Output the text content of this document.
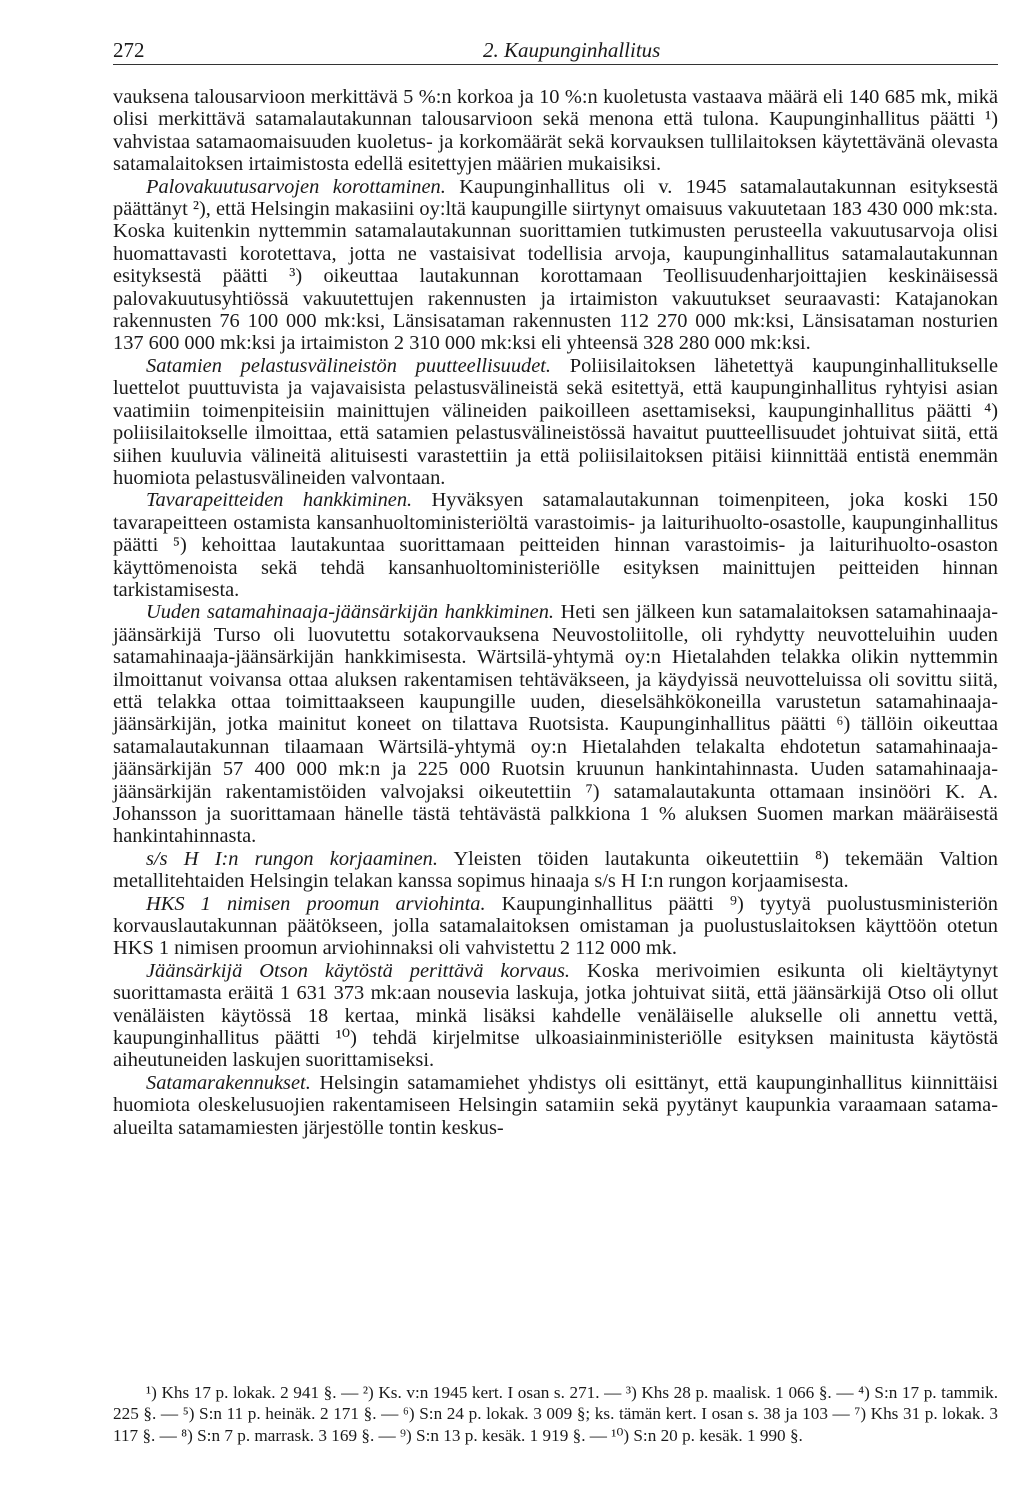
272	2. Kaupunginhallitus

vauksena talousarvioon merkittävä 5 %:n korkoa ja 10 %:n kuoletusta vastaava määrä eli 140 685 mk, mikä olisi merkittävä satamalautakunnan talousarvioon sekä menona että tulona. Kaupunginhallitus päätti ¹) vahvistaa satamaomaisuuden kuoletus- ja korkomäärät sekä korvauksen tullilaitoksen käytettävänä olevasta satamalaitoksen irtaimistosta edellä esitettyjen määrien mukaisiksi.

Palovakuutusarvojen korottaminen. Kaupunginhallitus oli v. 1945 satamalautakunnan esityksestä päättänyt ²), että Helsingin makasiini oy:ltä kaupungille siirtynyt omaisuus vakuutetaan 183 430 000 mk:sta. Koska kuitenkin nyttemmin satamalautakunnan suorittamien tutkimusten perusteella vakuutusarvoja olisi huomattavasti korotettava, jotta ne vastaisivat todellisia arvoja, kaupunginhallitus satamalautakunnan esityksestä päätti ³) oikeuttaa lautakunnan korottamaan Teollisuudenharjoittajien keskinäisessä palovakuutusyhtiössä vakuutettujen rakennusten ja irtaimiston vakuutukset seuraavasti: Katajanokan rakennusten 76 100 000 mk:ksi, Länsisataman rakennusten 112 270 000 mk:ksi, Länsisataman nosturien 137 600 000 mk:ksi ja irtaimiston 2 310 000 mk:ksi eli yhteensä 328 280 000 mk:ksi.

Satamien pelastusvälineistön puutteellisuudet. Poliisilaitoksen lähetettyä kaupunginhallitukselle luettelot puuttuvista ja vajavaisista pelastusvälineistä sekä esitettyä, että kaupunginhallitus ryhtyisi asian vaatimiin toimenpiteisiin mainittujen välineiden paikoilleen asettamiseksi, kaupunginhallitus päätti ⁴) poliisilaitokselle ilmoittaa, että satamien pelastusvälineistössä havaitut puutteellisuudet johtuivat siitä, että siihen kuuluvia välineitä alituisesti varastettiin ja että poliisilaitoksen pitäisi kiinnittää entistä enemmän huomiota pelastusvälineiden valvontaan.

Tavarapeitteiden hankkiminen. Hyväksyen satamalautakunnan toimenpiteen, joka koski 150 tavarapeitteen ostamista kansanhuoltoministeriöltä varastoimis- ja laiturihuolto-osastolle, kaupunginhallitus päätti ⁵) kehoittaa lautakuntaa suorittamaan peitteiden hinnan varastoimis- ja laiturihuolto-osaston käyttömenoista sekä tehdä kansanhuoltoministeriölle esityksen mainittujen peitteiden hinnan tarkistamisesta.

Uuden satamahinaaja-jäänsärkijän hankkiminen. Heti sen jälkeen kun satamalaitoksen satamahinaaja-jäänsärkijä Turso oli luovutettu sotakorvauksena Neuvostoliitolle, oli ryhdytty neuvotteluihin uuden satamahinaaja-jäänsärkijän hankkimisesta. Wärtsilä-yhtymä oy:n Hietalahden telakka olikin nyttemmin ilmoittanut voivansa ottaa aluksen rakentamisen tehtäväkseen, ja käydyissä neuvotteluissa oli sovittu siitä, että telakka ottaa toimittaakseen kaupungille uuden, dieselsähkökoneilla varustetun satamahinaaja-jäänsärkijän, jotka mainitut koneet on tilattava Ruotsista. Kaupunginhallitus päätti ⁶) tällöin oikeuttaa satamalautakunnan tilaamaan Wärtsilä-yhtymä oy:n Hietalahden telakalta ehdotetun satamahinaaja-jäänsärkijän 57 400 000 mk:n ja 225 000 Ruotsin kruunun hankintahinnasta. Uuden satamahinaaja-jäänsärkijän rakentamistöiden valvojaksi oikeutettiin ⁷) satamalautakunta ottamaan insinööri K. A. Johansson ja suorittamaan hänelle tästä tehtävästä palkkiona 1 % aluksen Suomen markan määräisestä hankintahinnasta.

s/s H I:n rungon korjaaminen. Yleisten töiden lautakunta oikeutettiin ⁸) tekemään Valtion metallitehtaiden Helsingin telakan kanssa sopimus hinaaja s/s H I:n rungon korjaamisesta.

HKS 1 nimisen proomun arviohinta. Kaupunginhallitus päätti ⁹) tyytyä puolustusministeriön korvauslautakunnan päätökseen, jolla satamalaitoksen omistaman ja puolustuslaitoksen käyttöön otetun HKS 1 nimisen proomun arviohinnaksi oli vahvistettu 2 112 000 mk.

Jäänsärkijä Otson käytöstä perittävä korvaus. Koska merivoimien esikunta oli kieltäytynyt suorittamasta eräitä 1 631 373 mk:aan nousevia laskuja, jotka johtuivat siitä, että jäänsärkijä Otso oli ollut venäläisten käytössä 18 kertaa, minkä lisäksi kahdelle venäläiselle alukselle oli annettu vettä, kaupunginhallitus päätti ¹⁰) tehdä kirjelmitse ulkoasiainministeriölle esityksen mainitusta käytöstä aiheutuneiden laskujen suorittamiseksi.

Satamarakennukset. Helsingin satamamiehet yhdistys oli esittänyt, että kaupunginhallitus kiinnittäisi huomiota oleskelusuojien rakentamiseen Helsingin satamiin sekä pyytänyt kaupunkia varaamaan satama-alueilta satamamiesten järjestölle tontin keskus-

¹) Khs 17 p. lokak. 2 941 §. — ²) Ks. v:n 1945 kert. I osan s. 271. — ³) Khs 28 p. maalisk. 1 066 §. — ⁴) S:n 17 p. tammik. 225 §. — ⁵) S:n 11 p. heinäk. 2 171 §. — ⁶) S:n 24 p. lokak. 3 009 §; ks. tämän kert. I osan s. 38 ja 103 — ⁷) Khs 31 p. lokak. 3 117 §. — ⁸) S:n 7 p. marrask. 3 169 §. — ⁹) S:n 13 p. kesäk. 1 919 §. — ¹⁰) S:n 20 p. kesäk. 1 990 §.
